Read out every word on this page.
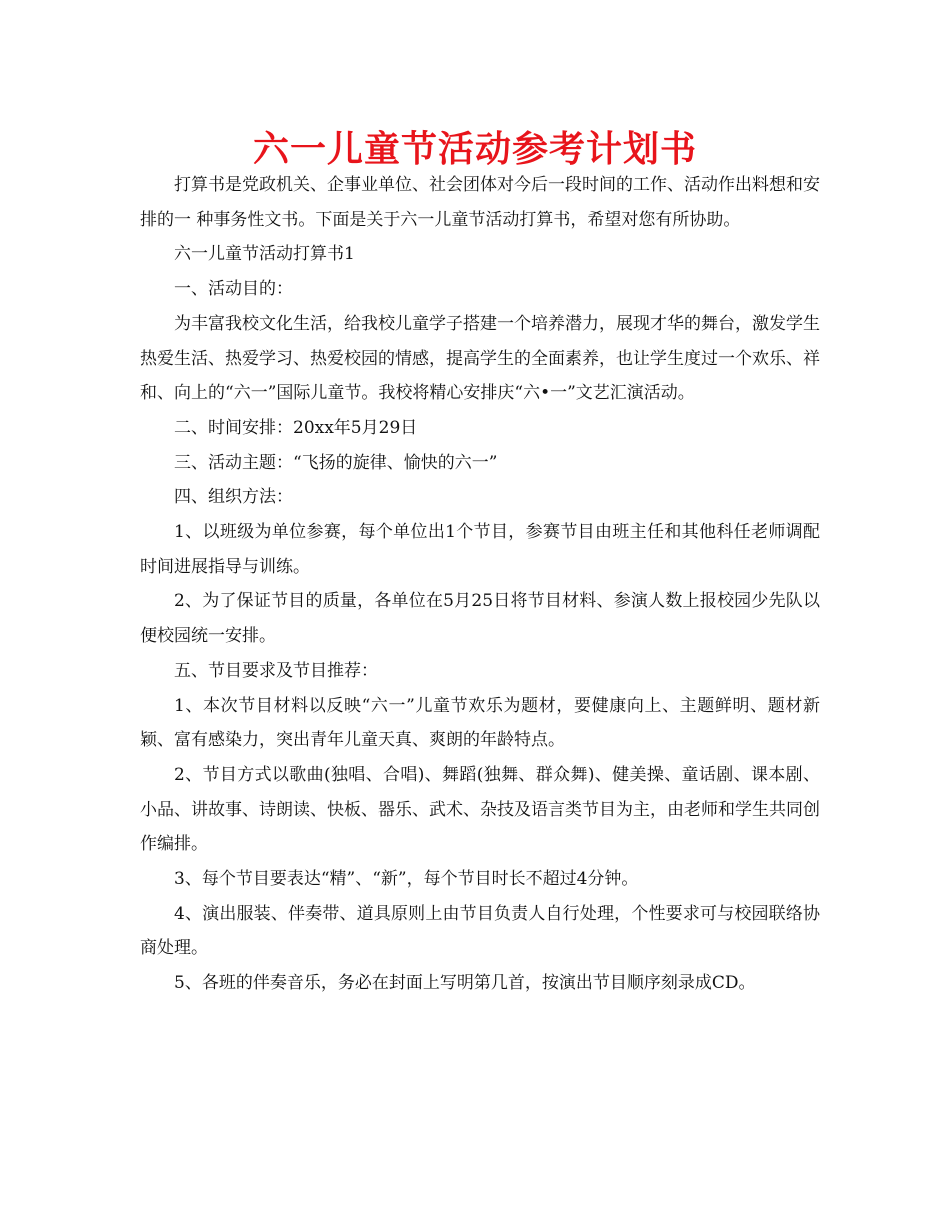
六一儿童节活动参考计划书

打算书是党政机关、企事业单位、社会团体对今后一段时间的工作、活动作出料想和安排的一 种事务性文书。下面是关于六一儿童节活动打算书，希望对您有所协助。

六一儿童节活动打算书1

一、活动目的：

为丰富我校文化生活，给我校儿童学子搭建一个培养潜力，展现才华的舞台，激发学生热爱生活、热爱学习、热爱校园的情感，提高学生的全面素养，也让学生度过一个欢乐、祥和、向上的“六一”国际儿童节。我校将精心安排庆“六•一”文艺汇演活动。

二、时间安排：20xx年5月29日

三、活动主题：“飞扬的旋律、愉快的六一”

四、组织方法：

1、以班级为单位参赛，每个单位出1个节目，参赛节目由班主任和其他科任老师调配时间进展指导与训练。

2、为了保证节目的质量，各单位在5月25日将节目材料、参演人数上报校园少先队以便校园统一安排。

五、节目要求及节目推荐：

1、本次节目材料以反映“六一”儿童节欢乐为题材，要健康向上、主题鲜明、题材新颖、富有感染力，突出青年儿童天真、爽朗的年龄特点。

2、节目方式以歌曲(独唱、合唱)、舞蹈(独舞、群众舞)、健美操、童话剧、课本剧、小品、讲故事、诗朗读、快板、器乐、武术、杂技及语言类节目为主，由老师和学生共同创作编排。

3、每个节目要表达“精”、“新”，每个节目时长不超过4分钟。

4、演出服装、伴奏带、道具原则上由节目负责人自行处理，个性要求可与校园联络协商处理。

5、各班的伴奏音乐，务必在封面上写明第几首，按演出节目顺序刻录成CD。
